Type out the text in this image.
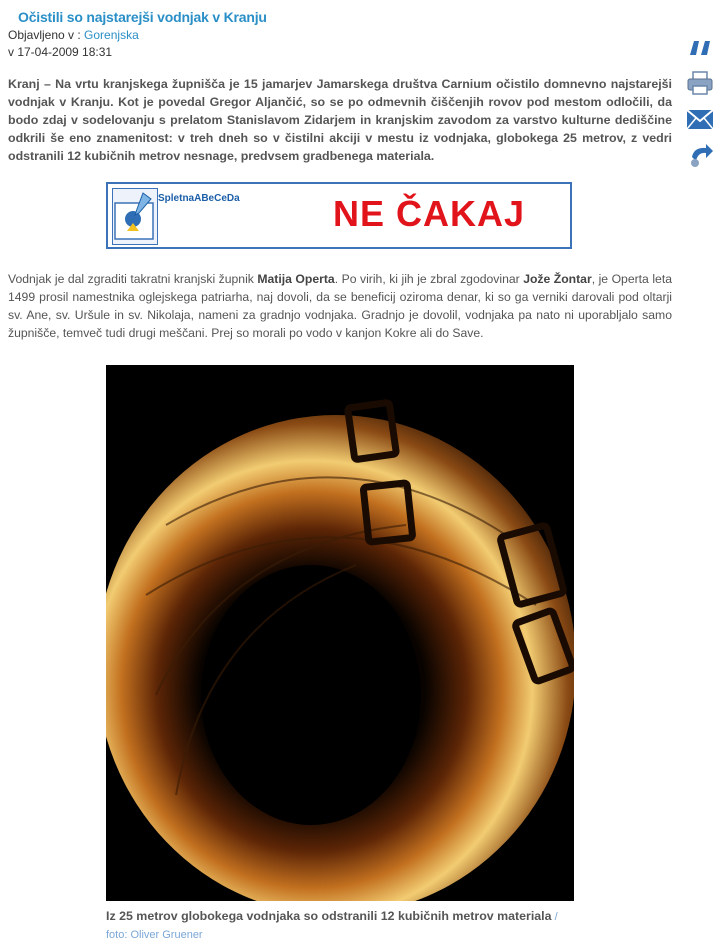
Očistili so najstarejši vodnjak v Kranju
Objavljeno v : Gorenjska
v 17-04-2009 18:31

Kranj – Na vrtu kranjskega župnišča je 15 jamarjev Jamarskega društva Carnium očistilo domnevno najstarejši vodnjak v Kranju. Kot je povedal Gregor Aljančić, so se po odmevnih čiščenjih rovov pod mestom odločili, da bodo zdaj v sodelovanju s prelatom Stanislavom Zidarjem in kranjskim zavodom za varstvo kulturne dediščine odkrili še eno znamenitost: v treh dneh so v čistilni akciji v mestu iz vodnjaka, globokega 25 metrov, z vedri odstranili 12 kubičnih metrov nesnage, predvsem gradbenega materiala.

SpletnaABeCeDa	NE ČAKAJ

Vodnjak je dal zgraditi takratni kranjski župnik Matija Operta. Po virih, ki jih je zbral zgodovinar Jože Žontar, je Operta leta 1499 prosil namestnika oglejskega patriarha, naj dovoli, da se beneficij oziroma denar, ki so ga verniki darovali pod oltarji sv. Ane, sv. Uršule in sv. Nikolaja, nameni za gradnjo vodnjaka. Gradnjo je dovolil, vodnjaka pa nato ni uporabljalo samo župnišče, temveč tudi drugi meščani. Prej so morali po vodo v kanjon Kokre ali do Save.

Iz 25 metrov globokega vodnjaka so odstranili 12 kubičnih metrov materiala / foto: Oliver Gruener
